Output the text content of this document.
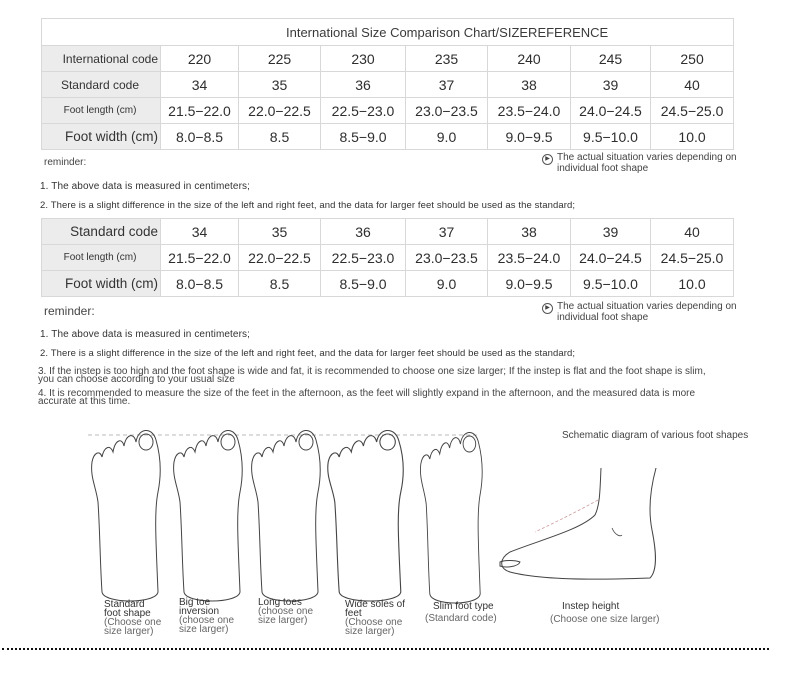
International Size Comparison Chart/SIZEREFERENCE							
International code	220	225	230	235	240	245	250
Standard code	34	35	36	37	38	39	40
Foot length (cm)	21.5−22.0	22.0−22.5	22.5−23.0	23.0−23.5	23.5−24.0	24.0−24.5	24.5−25.0
Foot width (cm)	8.0−8.5	8.5	8.5−9.0	9.0	9.0−9.5	9.5−10.0	10.0
reminder:	▶ The actual situation varies depending on
individual foot shape
1. The above data is measured in centimeters;
2. There is a slight difference in the size of the left and right feet, and the data for larger feet should be used as the standard;
Standard code	34	35	36	37	38	39	40
Foot length (cm)	21.5−22.0	22.0−22.5	22.5−23.0	23.0−23.5	23.5−24.0	24.0−24.5	24.5−25.0
Foot width (cm)	8.0−8.5	8.5	8.5−9.0	9.0	9.0−9.5	9.5−10.0	10.0
reminder:	▶ The actual situation varies depending on
individual foot shape
1. The above data is measured in centimeters;
2. There is a slight difference in the size of the left and right feet, and the data for larger feet should be used as the standard;
3. If the instep is too high and the foot shape is wide and fat, it is recommended to choose one size larger; If the instep is flat and the foot shape is slim,
you can choose according to your usual size
4. It is recommended to measure the size of the feet in the afternoon, as the feet will slightly expand in the afternoon, and the measured data is more
accurate at this time.
Schematic diagram of various foot shapes
Standard
foot shape
(Choose one size larger)
Big toe
inversion
(choose one size larger)
Long toes
(choose one size larger)
Wide soles of
feet
(Choose one size larger)
Slim foot type
(Standard code)
Instep height
(Choose one size larger)
